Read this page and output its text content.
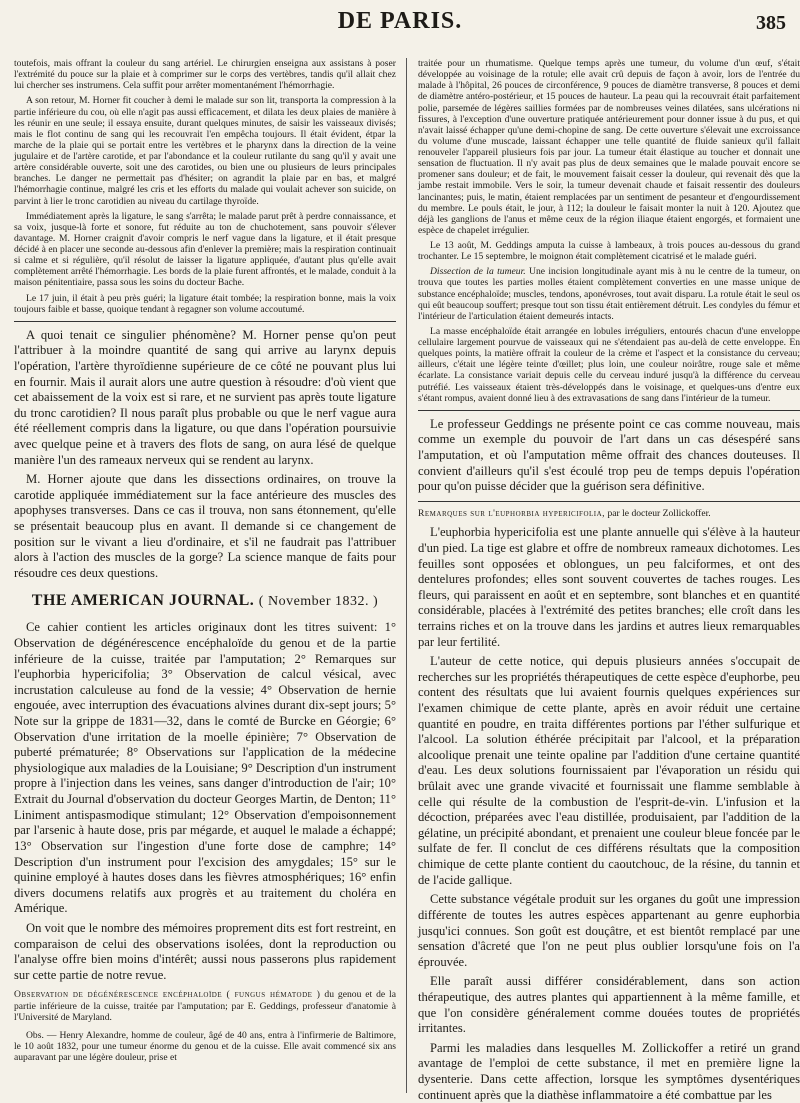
DE PARIS.	385

toutefois, mais offrant la couleur du sang artériel. Le chirurgien enseigna aux assistans à poser l'extrémité du pouce sur la plaie et à comprimer sur le corps des vertèbres, tandis qu'il allait chez lui chercher ses instrumens. Cela suffit pour arrêter momentanément l'hémorrhagie.

A son retour, M. Horner fit coucher à demi le malade sur son lit, transporta la compression à la partie inférieure du cou, où elle n'agit pas aussi efficacement, et dilata les deux plaies de manière à les réunir en une seule; il essaya ensuite, durant quelques minutes, de saisir les vaisseaux divisés; mais le flot continu de sang qui les recouvrait l'en empêcha toujours. Il était évident, étpar la marche de la plaie qui se portait entre les vertèbres et le pharynx dans la direction de la veine jugulaire et de l'artère carotide, et par l'abondance et la couleur rutilante du sang qu'il y avait une artère considérable ouverte, soit une des carotides, ou bien une ou plusieurs de leurs principales branches. Le danger ne permettait pas d'hésiter; on agrandit la plaie par en bas, et malgré l'hémorrhagie continue, malgré les cris et les efforts du malade qui voulait achever son suicide, on parvint à lier le tronc carotidien au niveau du cartilage thyroïde.

Immédiatement après la ligature, le sang s'arrêta; le malade parut prêt à perdre connaissance, et sa voix, jusque-là forte et sonore, fut réduite au ton de chuchotement, sans pouvoir s'élever davantage. M. Horner craignit d'avoir compris le nerf vague dans la ligature, et il était presque décidé à en placer une seconde au-dessous afin d'enlever la première; mais la respiration continuait si calme et si régulière, qu'il résolut de laisser la ligature appliquée, d'autant plus qu'elle avait complètement arrêté l'hémorrhagie. Les bords de la plaie furent affrontés, et le malade, conduit à la maison pénitentiaire, passa sous les soins du docteur Bache.

Le 17 juin, il était à peu près guéri; la ligature était tombée; la respiration bonne, mais la voix toujours faible et basse, quoique tendant à regagner son volume accoutumé.

A quoi tenait ce singulier phénomène? M. Horner pense qu'on peut l'attribuer à la moindre quantité de sang qui arrive au larynx depuis l'opération, l'artère thyroïdienne supérieure de ce côté ne pouvant plus lui en fournir. Mais il aurait alors une autre question à résoudre: d'où vient que cet abaissement de la voix est si rare, et ne survient pas après toute ligature du tronc carotidien? Il nous paraît plus probable ou que le nerf vague aura été réellement compris dans la ligature, ou que dans l'opération poursuivie avec quelque peine et à travers des flots de sang, on aura lésé de quelque manière l'un des rameaux nerveux qui se rendent au larynx.

M. Horner ajoute que dans les dissections ordinaires, on trouve la carotide appliquée immédiatement sur la face antérieure des muscles des apophyses transverses. Dans ce cas il trouva, non sans étonnement, qu'elle se présentait beaucoup plus en avant. Il demande si ce changement de position sur le vivant a lieu d'ordinaire, et s'il ne faudrait pas l'attribuer alors à l'action des muscles de la gorge? La science manque de faits pour résoudre ces deux questions.

THE AMERICAN JOURNAL. ( November 1832. )

Ce cahier contient les articles originaux dont les titres suivent: 1° Observation de dégénérescence encéphaloïde du genou et de la partie inférieure de la cuisse, traitée par l'amputation; 2° Remarques sur l'euphorbia hypericifolia; 3° Observation de calcul vésical, avec incrustation calculeuse au fond de la vessie; 4° Observation de hernie engouée, avec interruption des évacuations alvines durant dix-sept jours; 5° Note sur la grippe de 1831—32, dans le comté de Burcke en Géorgie; 6° Observation d'une irritation de la moelle épinière; 7° Observation de puberté prématurée; 8° Observations sur l'application de la médecine physiologique aux maladies de la Louisiane; 9° Description d'un instrument propre à l'injection dans les veines, sans danger d'introduction de l'air; 10° Extrait du Journal d'observation du docteur Georges Martin, de Denton; 11° Liniment antispasmodique stimulant; 12° Observation d'empoisonnement par l'arsenic à haute dose, pris par mégarde, et auquel le malade a échappé; 13° Observation sur l'ingestion d'une forte dose de camphre; 14° Description d'un instrument pour l'excision des amygdales; 15° sur le quinine employé à hautes doses dans les fièvres atmosphériques; 16° enfin divers documens relatifs aux progrès et au traitement du choléra en Amérique.

On voit que le nombre des mémoires proprement dits est fort restreint, en comparaison de celui des observations isolées, dont la reproduction ou l'analyse offre bien moins d'intérêt; aussi nous passerons plus rapidement sur cette partie de notre revue.

Observation de dégénérescence encéphaloïde ( fungus hématode ) du genou et de la partie inférieure de la cuisse, traitée par l'amputation; par E. Geddings, professeur d'anatomie à l'Université de Maryland.

Obs. — Henry Alexandre, homme de couleur, âgé de 40 ans, entra à l'infirmerie de Baltimore, le 10 août 1832, pour une tumeur énorme du genou et de la cuisse. Elle avait commencé six ans auparavant par une légère douleur, prise et

traitée pour un rhumatisme. Quelque temps après une tumeur, du volume d'un œuf, s'était développée au voisinage de la rotule; elle avait crû depuis de façon à avoir, lors de l'entrée du malade à l'hôpital, 26 pouces de circonférence, 9 pouces de diamètre transverse, 8 pouces et demi de diamètre antéro-postérieur, et 15 pouces de hauteur. La peau qui la recouvrait était parfaitement polie, parsemée de légères saillies formées par de nombreuses veines dilatées, sans ulcérations ni fissures, à l'exception d'une ouverture pratiquée antérieurement pour donner issue à du pus, et qui n'avait laissé échapper qu'une demi-chopine de sang. De cette ouverture s'élevait une excroissance du volume d'une muscade, laissant échapper une telle quantité de fluide sanieux qu'il fallait renouveler l'appareil plusieurs fois par jour. La tumeur était élastique au toucher et donnait une sensation de fluctuation. Il n'y avait pas plus de deux semaines que le malade pouvait encore se promener sans douleur; et de fait, le mouvement faisait cesser la douleur, qui revenait dès que la jambe restait immobile. Vers le soir, la tumeur devenait chaude et faisait ressentir des douleurs lancinantes; puis, le matin, étaient remplacées par un sentiment de pesanteur et d'engourdissement du membre. Le pouls était, le jour, à 112; la douleur le faisait monter la nuit à 120. Ajoutez que déjà les ganglions de l'anus et même ceux de la région iliaque étaient engorgés, et formaient une espèce de chapelet irrégulier.

Le 13 août, M. Geddings amputa la cuisse à lambeaux, à trois pouces au-dessous du grand trochanter. Le 15 septembre, le moignon était complètement cicatrisé et le malade guéri.

Dissection de la tumeur. Une incision longitudinale ayant mis à nu le centre de la tumeur, on trouva que toutes les parties molles étaient complètement converties en une masse unique de substance encéphaloïde; muscles, tendons, aponévroses, tout avait disparu. La rotule était le seul os qui eût beaucoup souffert; presque tout son tissu était entièrement détruit. Les condyles du fémur et l'intérieur de l'articulation étaient demeurés intacts.

La masse encéphaloïde était arrangée en lobules irréguliers, entourés chacun d'une enveloppe cellulaire largement pourvue de vaisseaux qui ne s'étendaient pas au-delà de cette enveloppe. En quelques points, la matière offrait la couleur de la crème et l'aspect et la consistance du cerveau; ailleurs, c'était une légère teinte d'œillet; plus loin, une couleur noirâtre, rouge sale et même écarlate. La consistance variait depuis celle du cerveau induré jusqu'à la différence du cerveau putréfié. Les vaisseaux étaient très-développés dans le voisinage, et quelques-uns d'entre eux s'étant rompus, avaient donné lieu à des extravasations de sang dans l'intérieur de la tumeur.

Le professeur Geddings ne présente point ce cas comme nouveau, mais comme un exemple du pouvoir de l'art dans un cas désespéré sans l'amputation, et où l'amputation même offrait des chances douteuses. Il convient d'ailleurs qu'il s'est écoulé trop peu de temps depuis l'opération pour qu'on puisse décider que la guérison sera définitive.

Remarques sur l'euphorbia hypericifolia, par le docteur Zollickoffer.

L'euphorbia hypericifolia est une plante annuelle qui s'élève à la hauteur d'un pied. La tige est glabre et offre de nombreux rameaux dichotomes. Les feuilles sont opposées et oblongues, un peu falciformes, et ont des dentelures profondes; elles sont souvent couvertes de taches rouges. Les fleurs, qui paraissent en août et en septembre, sont blanches et en quantité considérable, placées à l'extrémité des petites branches; elle croît dans les terrains riches et on la trouve dans les jardins et autres lieux remarquables par leur fertilité.

L'auteur de cette notice, qui depuis plusieurs années s'occupait de recherches sur les propriétés thérapeutiques de cette espèce d'euphorbe, peu content des résultats que lui avaient fournis quelques expériences sur l'examen chimique de cette plante, après en avoir réduit une certaine quantité en poudre, en traita différentes portions par l'éther sulfurique et l'alcool. La solution éthérée précipitait par l'alcool, et la préparation alcoolique prenait une teinte opaline par l'addition d'une certaine quantité d'eau. Les deux solutions fournissaient par l'évaporation un résidu qui brûlait avec une grande vivacité et fournissait une flamme semblable à celle qui résulte de la combustion de l'esprit-de-vin. L'infusion et la décoction, préparées avec l'eau distillée, produisaient, par l'addition de la gélatine, un précipité abondant, et prenaient une couleur bleue foncée par le sulfate de fer. Il conclut de ces différens résultats que la composition chimique de cette plante contient du caoutchouc, de la résine, du tannin et de l'acide gallique.

Cette substance végétale produit sur les organes du goût une impression différente de toutes les autres espèces appartenant au genre euphorbia jusqu'ici connues. Son goût est douçâtre, et est bientôt remplacé par une sensation d'âcreté que l'on ne peut plus oublier lorsqu'une fois on l'a éprouvée.

Elle paraît aussi différer considérablement, dans son action thérapeutique, des autres plantes qui appartiennent à la même famille, et que l'on considère généralement comme douées toutes de propriétés irritantes.

Parmi les maladies dans lesquelles M. Zollickoffer a retiré un grand avantage de l'emploi de cette substance, il met en première ligne la dysenterie. Dans cette affection, lorsque les symptômes dysentériques continuent après que la diathèse inflammatoire a été combattue par les
